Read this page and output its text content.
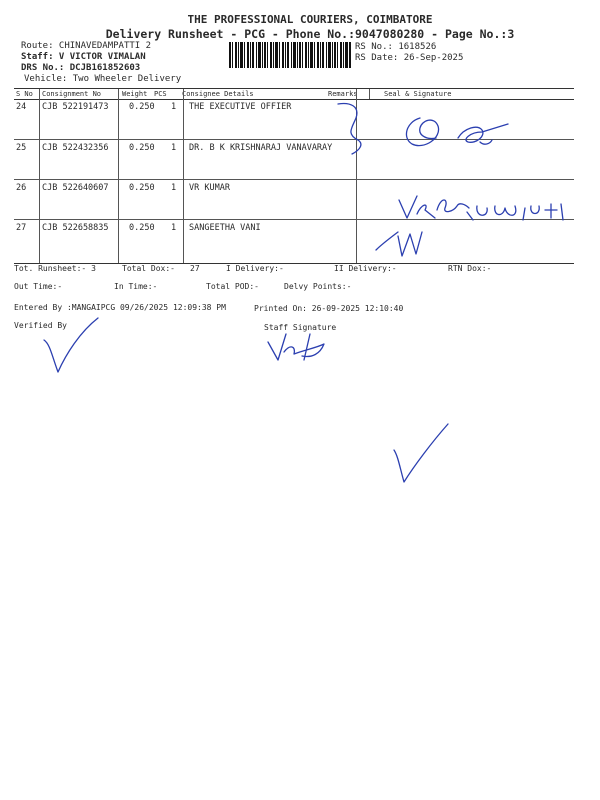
THE PROFESSIONAL COURIERS, COIMBATORE
Delivery Runsheet - PCG - Phone No.:9047080280 - Page No.:3
Route: CHINAVEDAMPATTI 2
Staff: V VICTOR VIMALAN
DRS No.: DCJB161852603
Vehicle: Two Wheeler Delivery
RS No.: 1618526
RS Date: 26-Sep-2025
S No Consignment No	Weight PCS Consignee Details	Remarks	Seal & Signature
24 CJB 522191473 0.250 1 THE EXECUTIVE OFFIER
25 CJB 522432356 0.250 1 DR. B K KRISHNARAJ VANAVARAY
26 CJB 522640607 0.250 1 VR KUMAR
27 CJB 522658835 0.250 1 SANGEETHA VANI
Tot. Runsheet:- 3	Total Dox:- 27	I Delivery:-	II Delivery:-	RTN Dox:-
Out Time:-	In Time:-	Total POD:-	Delvy Points:-
Entered By :MANGAIPCG 09/26/2025 12:09:38 PM	Printed On: 26-09-2025 12:10:40
Verified By	Staff Signature
